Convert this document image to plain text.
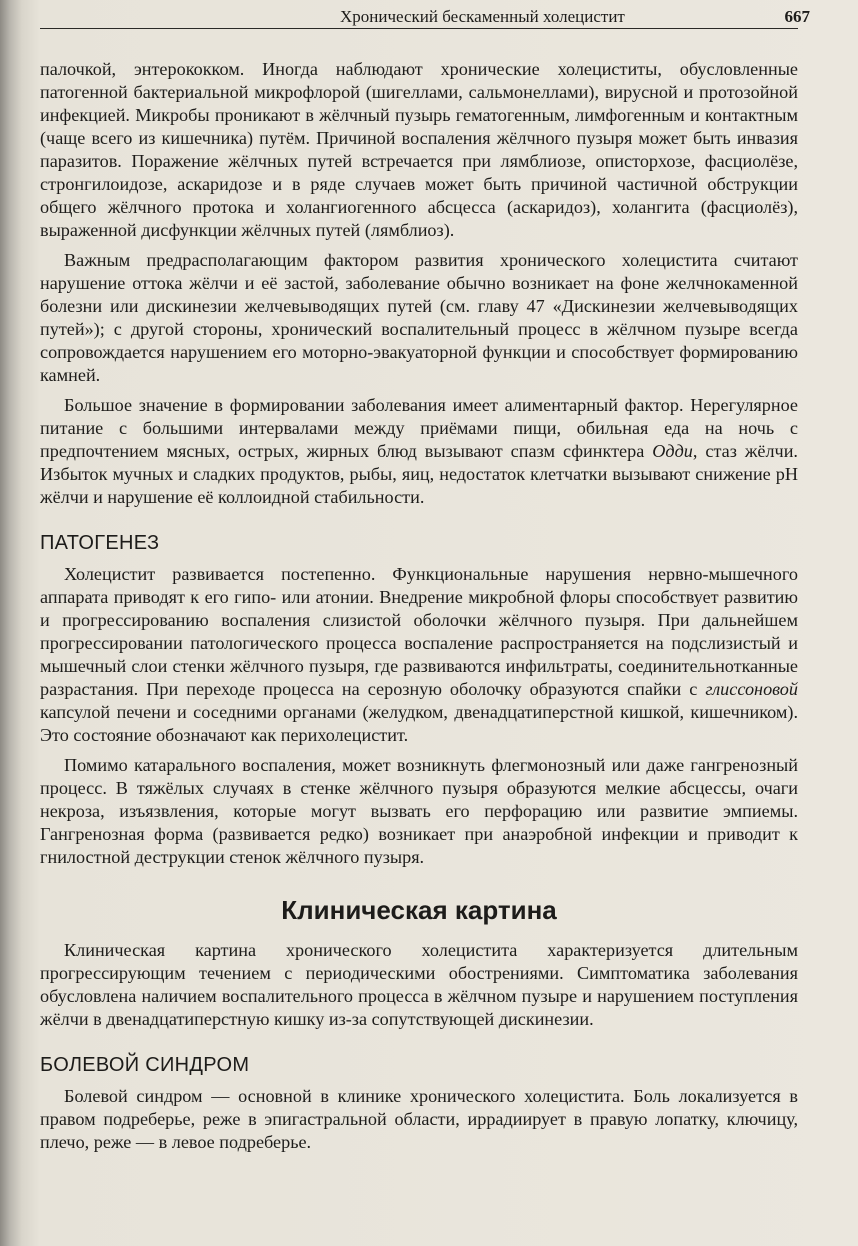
Хронический бескаменный холецистит	667

палочкой, энтерококком. Иногда наблюдают хронические холециститы, обусловленные патогенной бактериальной микрофлорой (шигеллами, сальмонеллами), вирусной и протозойной инфекцией. Микробы проникают в жёлчный пузырь гематогенным, лимфогенным и контактным (чаще всего из кишечника) путём. Причиной воспаления жёлчного пузыря может быть инвазия паразитов. Поражение жёлчных путей встречается при лямблиозе, описторхозе, фасциолёзе, стронгилоидозе, аскаридозе и в ряде случаев может быть причиной частичной обструкции общего жёлчного протока и холангиогенного абсцесса (аскаридоз), холангита (фасциолёз), выраженной дисфункции жёлчных путей (лямблиоз).

Важным предрасполагающим фактором развития хронического холецистита считают нарушение оттока жёлчи и её застой, заболевание обычно возникает на фоне желчнокаменной болезни или дискинезии желчевыводящих путей (см. главу 47 «Дискинезии желчевыводящих путей»); с другой стороны, хронический воспалительный процесс в жёлчном пузыре всегда сопровождается нарушением его моторно-эвакуаторной функции и способствует формированию камней.

Большое значение в формировании заболевания имеет алиментарный фактор. Нерегулярное питание с большими интервалами между приёмами пищи, обильная еда на ночь с предпочтением мясных, острых, жирных блюд вызывают спазм сфинктера Одди, стаз жёлчи. Избыток мучных и сладких продуктов, рыбы, яиц, недостаток клетчатки вызывают снижение pH жёлчи и нарушение её коллоидной стабильности.

ПАТОГЕНЕЗ

Холецистит развивается постепенно. Функциональные нарушения нервно-мышечного аппарата приводят к его гипо- или атонии. Внедрение микробной флоры способствует развитию и прогрессированию воспаления слизистой оболочки жёлчного пузыря. При дальнейшем прогрессировании патологического процесса воспаление распространяется на подслизистый и мышечный слои стенки жёлчного пузыря, где развиваются инфильтраты, соединительнотканные разрастания. При переходе процесса на серозную оболочку образуются спайки с глиссоновой капсулой печени и соседними органами (желудком, двенадцатиперстной кишкой, кишечником). Это состояние обозначают как перихолецистит.

Помимо катарального воспаления, может возникнуть флегмонозный или даже гангренозный процесс. В тяжёлых случаях в стенке жёлчного пузыря образуются мелкие абсцессы, очаги некроза, изъязвления, которые могут вызвать его перфорацию или развитие эмпиемы. Гангренозная форма (развивается редко) возникает при анаэробной инфекции и приводит к гнилостной деструкции стенок жёлчного пузыря.

Клиническая картина

Клиническая картина хронического холецистита характеризуется длительным прогрессирующим течением с периодическими обострениями. Симптоматика заболевания обусловлена наличием воспалительного процесса в жёлчном пузыре и нарушением поступления жёлчи в двенадцатиперстную кишку из-за сопутствующей дискинезии.

БОЛЕВОЙ СИНДРОМ

Болевой синдром — основной в клинике хронического холецистита. Боль локализуется в правом подреберье, реже в эпигастральной области, иррадиирует в правую лопатку, ключицу, плечо, реже — в левое подреберье.
